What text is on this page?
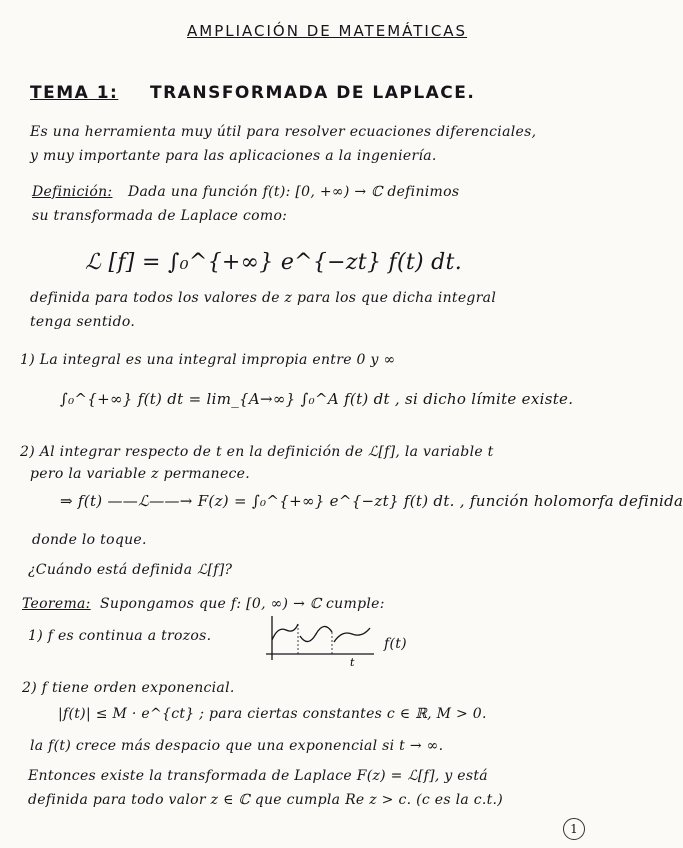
AMPLIACIÓN DE MATEMÁTICAS
TEMA 1: TRANSFORMADA DE LAPLACE.
Es una herramienta muy útil para resolver ecuaciones diferenciales,
y muy importante para las aplicaciones a la ingeniería.
Definición: Dada una función f(t): [0, +∞) → ℂ definimos
su transformada de Laplace como:
ℒ [f] = ∫₀^{+∞} e^{−zt} f(t) dt.
definida para todos los valores de z para los que dicha integral
tenga sentido.
1) La integral es una integral impropia entre 0 y ∞
∫₀^{+∞} f(t) dt = lim_{A→∞} ∫₀^A f(t) dt , si dicho límite existe.
2) Al integrar respecto de t en la definición de ℒ[f], la variable t
pero la variable z permanece.
⇒ f(t) ——ℒ——→ F(z) = ∫₀^{+∞} e^{−zt} f(t) dt. , función holomorfa definida
donde lo toque.
¿Cuándo está definida ℒ[f]?
Teorema: Supongamos que f: [0, ∞) → ℂ cumple:
1) f es continua a trozos.
t
f(t)
2) f tiene orden exponencial.
|f(t)| ≤ M · e^{ct} ; para ciertas constantes c ∈ ℝ, M > 0.
la f(t) crece más despacio que una exponencial si t → ∞.
Entonces existe la transformada de Laplace F(z) = ℒ[f], y está
definida para todo valor z ∈ ℂ que cumpla Re z > c. (c es la c.t.)
1
